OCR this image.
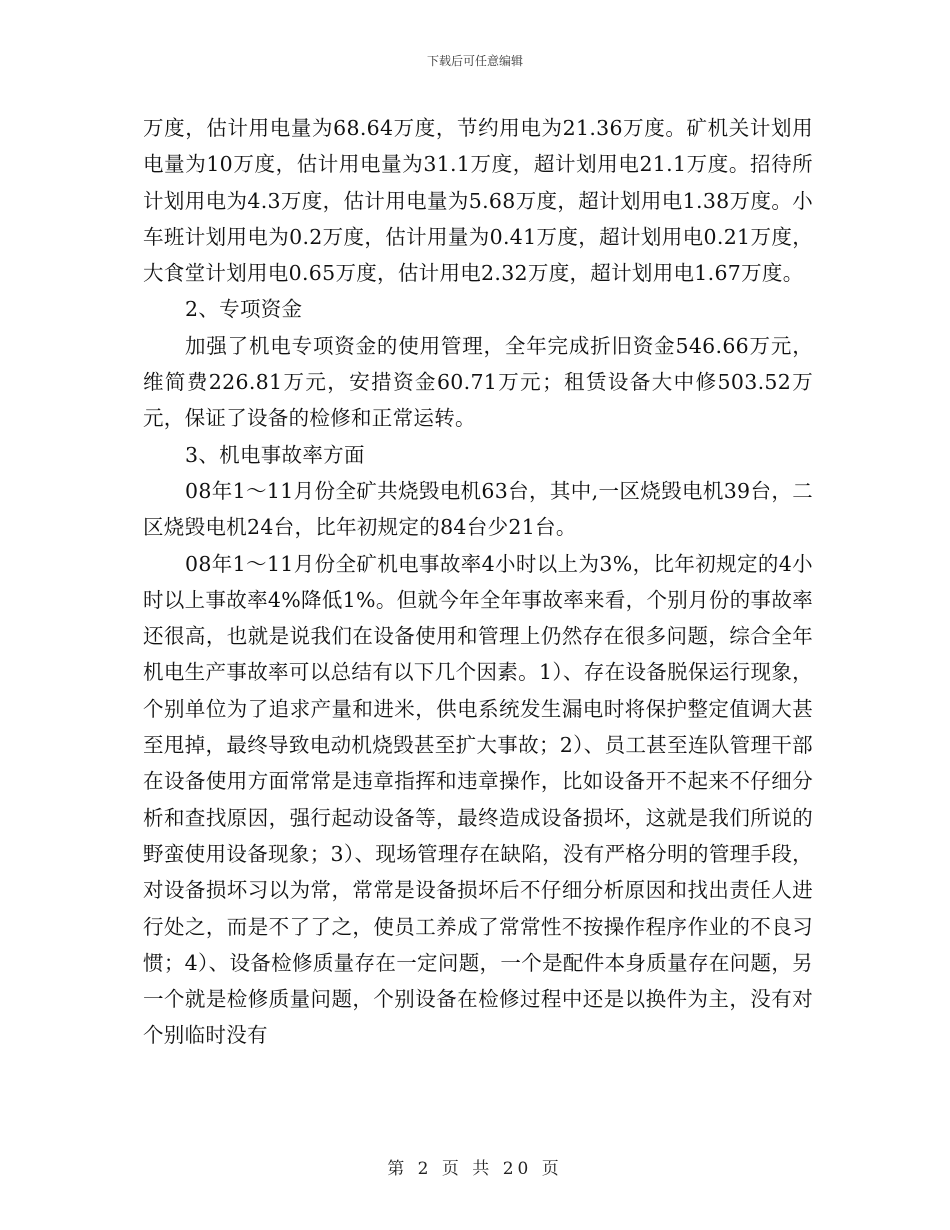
下载后可任意编辑

万度，估计用电量为68.64万度，节约用电为21.36万度。矿机关计划用电量为10万度，估计用电量为31.1万度，超计划用电21.1万度。招待所计划用电为4.3万度，估计用电量为5.68万度，超计划用电1.38万度。小车班计划用电为0.2万度，估计用量为0.41万度，超计划用电0.21万度，大食堂计划用电0.65万度，估计用电2.32万度，超计划用电1.67万度。

2、专项资金

加强了机电专项资金的使用管理，全年完成折旧资金546.66万元，维简费226.81万元，安措资金60.71万元；租赁设备大中修503.52万元，保证了设备的检修和正常运转。

3、机电事故率方面

08年1～11月份全矿共烧毁电机63台，其中,一区烧毁电机39台，二区烧毁电机24台，比年初规定的84台少21台。

08年1～11月份全矿机电事故率4小时以上为3%，比年初规定的4小时以上事故率4%降低1%。但就今年全年事故率来看，个别月份的事故率还很高，也就是说我们在设备使用和管理上仍然存在很多问题，综合全年机电生产事故率可以总结有以下几个因素。1）、存在设备脱保运行现象，个别单位为了追求产量和进米，供电系统发生漏电时将保护整定值调大甚至甩掉，最终导致电动机烧毁甚至扩大事故；2）、员工甚至连队管理干部在设备使用方面常常是违章指挥和违章操作，比如设备开不起来不仔细分析和查找原因，强行起动设备等，最终造成设备损坏，这就是我们所说的野蛮使用设备现象；3）、现场管理存在缺陷，没有严格分明的管理手段，对设备损坏习以为常，常常是设备损坏后不仔细分析原因和找出责任人进行处之，而是不了了之，使员工养成了常常性不按操作程序作业的不良习惯；4）、设备检修质量存在一定问题，一个是配件本身质量存在问题，另一个就是检修质量问题，个别设备在检修过程中还是以换件为主，没有对个别临时没有

第 2 页 共 20 页
